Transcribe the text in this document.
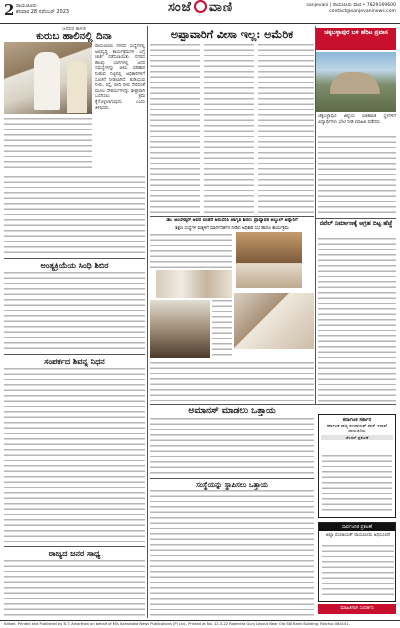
2 ರಾಯಚೂರು
ಶನಿವಾರ 28 ನವೆಂಬರ್ 2023	ಸಂಜೆ ವಾಣಿ	sanjevani | ರಾಯಚೂರು ವಾಣಿ • 7829169600
contact@sanjevaninews.com
ಜನಪರ ಕಾಳಜಿ
ಕುರುಬ ಹಾಲಿನಲ್ಲಿ ದಿನಾ
ರಾಯಚೂರು ನಗರದ ಸಂಸ್ಥೆಗಳಲ್ಲಿ ಅಭಿವೃದ್ಧಿ ಕಾರ್ಯಕ್ರಮಗಳ ಬಗ್ಗೆ ಚರ್ಚೆ ನಡೆಸಲಾಯಿತು. ನಗರದ ಹಲವು ಭಾಗಗಳಲ್ಲಿ ಜನರ ಸಮಸ್ಯೆಗಳನ್ನು ಆಲಿಸಿ ಪರಿಹಾರ ನೀಡುವ ನಿಟ್ಟಿನಲ್ಲಿ ಅಧಿಕಾರಿಗಳಿಗೆ ಸೂಚನೆ ನೀಡಲಾಗಿದೆ. ಕುಡಿಯುವ ನೀರು, ರಸ್ತೆ, ಬೀದಿ ದೀಪ ಸೇರಿದಂತೆ ಮೂಲ ಸೌಕರ್ಯಗಳನ್ನು ಶೀಘ್ರವಾಗಿ ಒದಗಿಸಲು ಕ್ರಮ ಕೈಗೊಳ್ಳಲಾಗುವುದು ಎಂದು ತಿಳಿಸಿದರು.
ಅಂತ್ಯಕ್ರಿಯೆಯ ಸಿಂಧಿ ಶಿಬಿರ
ಸಂಪರ್ಕದ ಶಿವನ್ನ ನಿಧನ
ರಾಜ್ಯದ ಜನರ ಸಾಧ್ಯ
ಅಪ್ಪಾವಾರಿಗೆ ವೀಸಾ ಇಲ್ಲ: ಅಮೆರಿಕ
ಡಾ: ಅಂಬೇಡ್ಕರ್ ಅವರ ಚಿಂತನೆ ಅನುಸರಿಸಿ ಜಾಗೃತಿ ಶಿಬಿರ: ಪ್ರಾಧ್ಯಾಪಕ ಅಬ್ದುಲ್ ಅನ್ನಾರಿಗೆ
ಶಿಕ್ಷಣ ಸಂಸ್ಥೆಗಳ ಮಕ್ಕಳಿಗೆ ಮಾರ್ಗದರ್ಶನ ನೀಡಿದ ಅಧಿಕಾರಿ ಸಭೆ ಹಾಗೂ ಕಾರ್ಯಕ್ರಮ
ಅಮಾನಸ್ ಮಾಡಲು ಒತ್ತಾಯ
ಸಂಸ್ಥೆಯನ್ನು ಸ್ಥಾಪಿಸಲು ಒತ್ತಾಯ
ಚಿಕ್ಕಬಳ್ಳಾಪುರ ಬಳಿ ಹೆರಿಟ ಪ್ರವಾಸ
ಚಿಕ್ಕಬಳ್ಳಾಪುರ ಜಿಲ್ಲೆಯ ಐತಿಹಾಸಿಕ ಸ್ಥಳಗಳಿಗೆ ವಿದ್ಯಾರ್ಥಿಗಳು ಭೇಟಿ ನೀಡಿ ಮಾಹಿತಿ ಪಡೆದರು.
ನವೆಲ್ ನಿರ್ಮಾಣಕ್ಕೆ ಆಗ್ರಹ ದಿಟ್ಟ ಹೆಜ್ಜೆ
ಕರ್ನಾಟಕ ಸರ್ಕಾರ
ಕರ್ನಾಟಕ ರಾಜ್ಯ ಪಂಚಾಯತ್ ರಾಜ್ ಇಲಾಖೆ ರಾಯಚೂರು
ಟೆಂಡರ್ ಪ್ರಕಟಣೆ
ಸಾರ್ವಜನಿಕ ಪ್ರಕಟಣೆ
ಜಿಲ್ಲಾ ಪಂಚಾಯತ್ ರಾಯಚೂರು ಅಧಿಸೂಚನೆ
ಮಾಹಿತಿಗಾಗಿ ಸಂಪರ್ಕಿಸಿ
Edited, Printed and Published by B.T. Amarthan on behalf of M/s Karnataka News Publications (P) Ltd., Printed at No. 12-3-22 Rajendra Gunj Layout Near Old SBI Bank Building, Raichur-584101.
